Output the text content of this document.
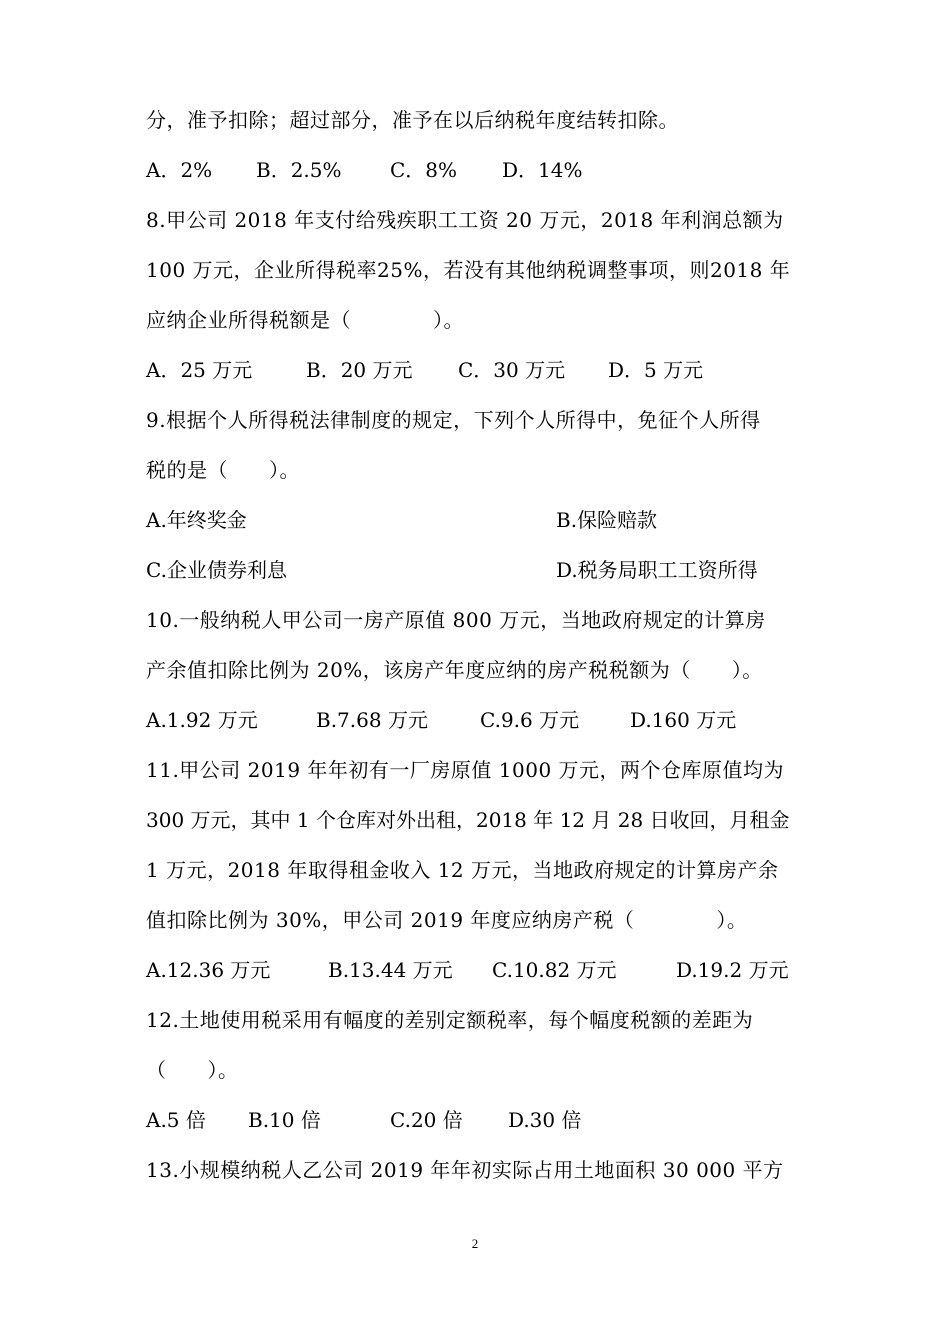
分，准予扣除；超过部分，准予在以后纳税年度结转扣除。
A．2% B．2.5% C．8% D．14%
8.甲公司 2018 年支付给残疾职工工资 20 万元，2018 年利润总额为
100 万元，企业所得税率25%，若没有其他纳税调整事项，则2018 年
应纳企业所得税额是（　　　　）。
A．25 万元	B．20 万元 C．30 万元 D．5 万元
9.根据个人所得税法律制度的规定，下列个人所得中，免征个人所得
税的是（　　）。
A.年终奖金	B.保险赔款
C.企业债券利息	D.税务局职工工资所得
10.一般纳税人甲公司一房产原值 800 万元，当地政府规定的计算房
产余值扣除比例为 20%，该房产年度应纳的房产税税额为（　　）。
A.1.92 万元	B.7.68 万元	C.9.6 万元	D.160 万元
11.甲公司 2019 年年初有一厂房原值 1000 万元，两个仓库原值均为
300 万元，其中 1 个仓库对外出租，2018 年 12 月 28 日收回，月租金
1 万元，2018 年取得租金收入 12 万元，当地政府规定的计算房产余
值扣除比例为 30%，甲公司 2019 年度应纳房产税（　　　　）。
A.12.36 万元	B.13.44 万元 C.10.82 万元	D.19.2 万元
12.土地使用税采用有幅度的差别定额税率，每个幅度税额的差距为
（　　）。
A.5 倍 B.10 倍	C.20 倍 D.30 倍
13.小规模纳税人乙公司 2019 年年初实际占用土地面积 30 000 平方
2
